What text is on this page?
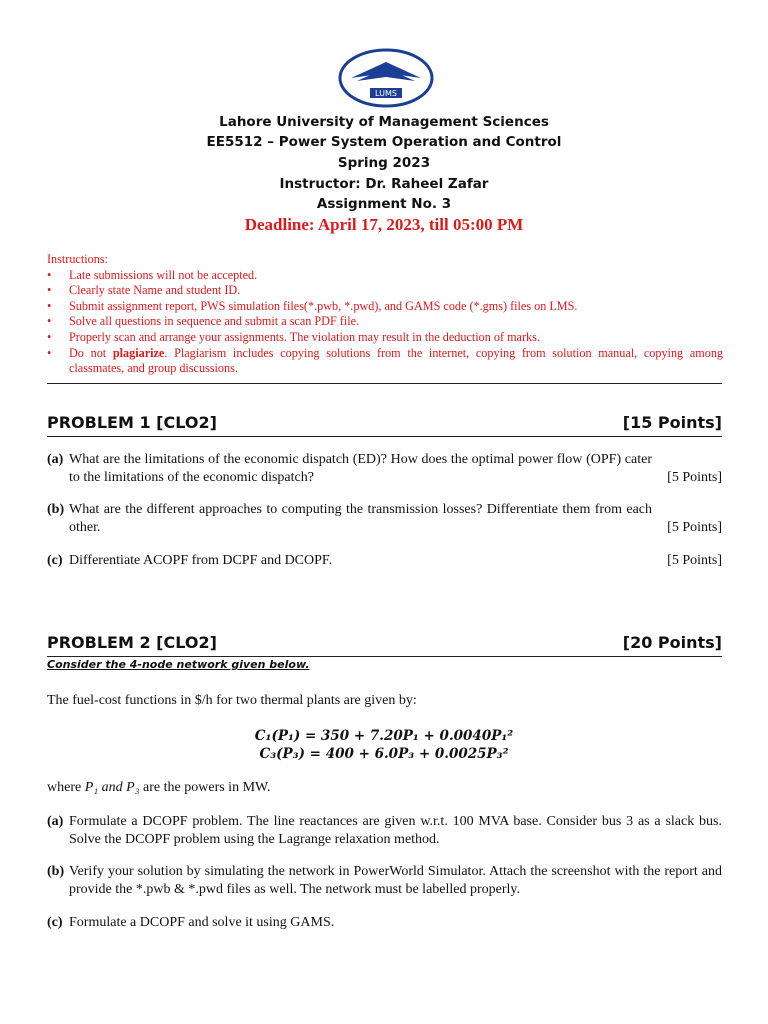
LUMS
Lahore University of Management Sciences
EE5512 – Power System Operation and Control
Spring 2023
Instructor: Dr. Raheel Zafar
Assignment No. 3
Deadline: April 17, 2023, till 05:00 PM
Instructions:
• Late submissions will not be accepted.
• Clearly state Name and student ID.
• Submit assignment report, PWS simulation files(*.pwb, *.pwd), and GAMS code (*.gms) files on LMS.
• Solve all questions in sequence and submit a scan PDF file.
• Properly scan and arrange your assignments. The violation may result in the deduction of marks.
• Do not plagiarize. Plagiarism includes copying solutions from the internet, copying from solution manual, copying among classmates, and group discussions.
PROBLEM 1 [CLO2]	[15 Points]
(a) What are the limitations of the economic dispatch (ED)? How does the optimal power flow (OPF) cater to the limitations of the economic dispatch?	[5 Points]
(b) What are the different approaches to computing the transmission losses? Differentiate them from each other.	[5 Points]
(c) Differentiate ACOPF from DCPF and DCOPF.	[5 Points]
PROBLEM 2 [CLO2]	[20 Points]
Consider the 4-node network given below.
The fuel-cost functions in $/h for two thermal plants are given by:
C₁(P₁) = 350 + 7.20P₁ + 0.0040P₁²
C₃(P₃) = 400 + 6.0P₃ + 0.0025P₃²
where P₁ and P₃ are the powers in MW.
(a) Formulate a DCOPF problem. The line reactances are given w.r.t. 100 MVA base. Consider bus 3 as a slack bus. Solve the DCOPF problem using the Lagrange relaxation method.
(b) Verify your solution by simulating the network in PowerWorld Simulator. Attach the screenshot with the report and provide the *.pwb & *.pwd files as well. The network must be labelled properly.
(c) Formulate a DCOPF and solve it using GAMS.
